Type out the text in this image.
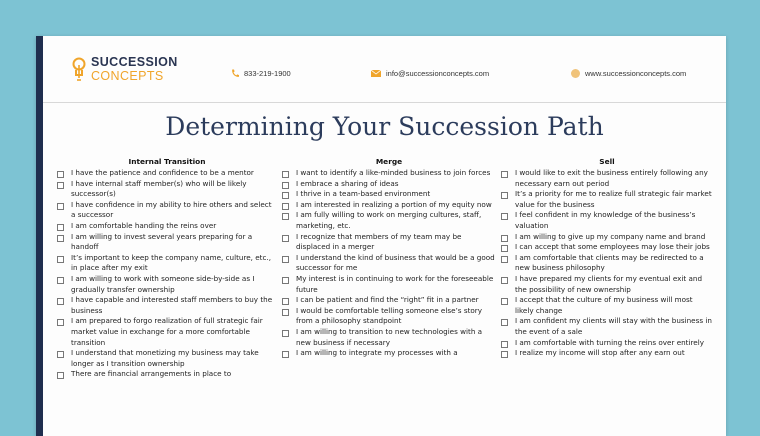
SUCCESSION
CONCEPTS	833-219-1900	info@successionconcepts.com	www.successionconcepts.com
Determining Your Succession Path
Internal Transition
I have the patience and confidence to be a mentor
I have internal staff member(s) who will be likely successor(s)
I have confidence in my ability to hire others and select a successor
I am comfortable handing the reins over
I am willing to invest several years preparing for a handoff
It’s important to keep the company name, culture, etc., in place after my exit
I am willing to work with someone side-by-side as I gradually transfer ownership
I have capable and interested staff members to buy the business
I am prepared to forgo realization of full strategic fair market value in exchange for a more comfortable transition
I understand that monetizing my business may take longer as I transition ownership
There are financial arrangements in place to
Merge
I want to identify a like-minded business to join forces
I embrace a sharing of ideas
I thrive in a team-based environment
I am interested in realizing a portion of my equity now
I am fully willing to work on merging cultures, staff, marketing, etc.
I recognize that members of my team may be displaced in a merger
I understand the kind of business that would be a good successor for me
My interest is in continuing to work for the foreseeable future
I can be patient and find the “right” fit in a partner
I would be comfortable telling someone else’s story from a philosophy standpoint
I am willing to transition to new technologies with a new business if necessary
I am willing to integrate my processes with a
Sell
I would like to exit the business entirely following any necessary earn out period
It’s a priority for me to realize full strategic fair market value for the business
I feel confident in my knowledge of the business’s valuation
I am willing to give up my company name and brand
I can accept that some employees may lose their jobs
I am comfortable that clients may be redirected to a new business philosophy
I have prepared my clients for my eventual exit and the possibility of new ownership
I accept that the culture of my business will most likely change
I am confident my clients will stay with the business in the event of a sale
I am comfortable with turning the reins over entirely
I realize my income will stop after any earn out
